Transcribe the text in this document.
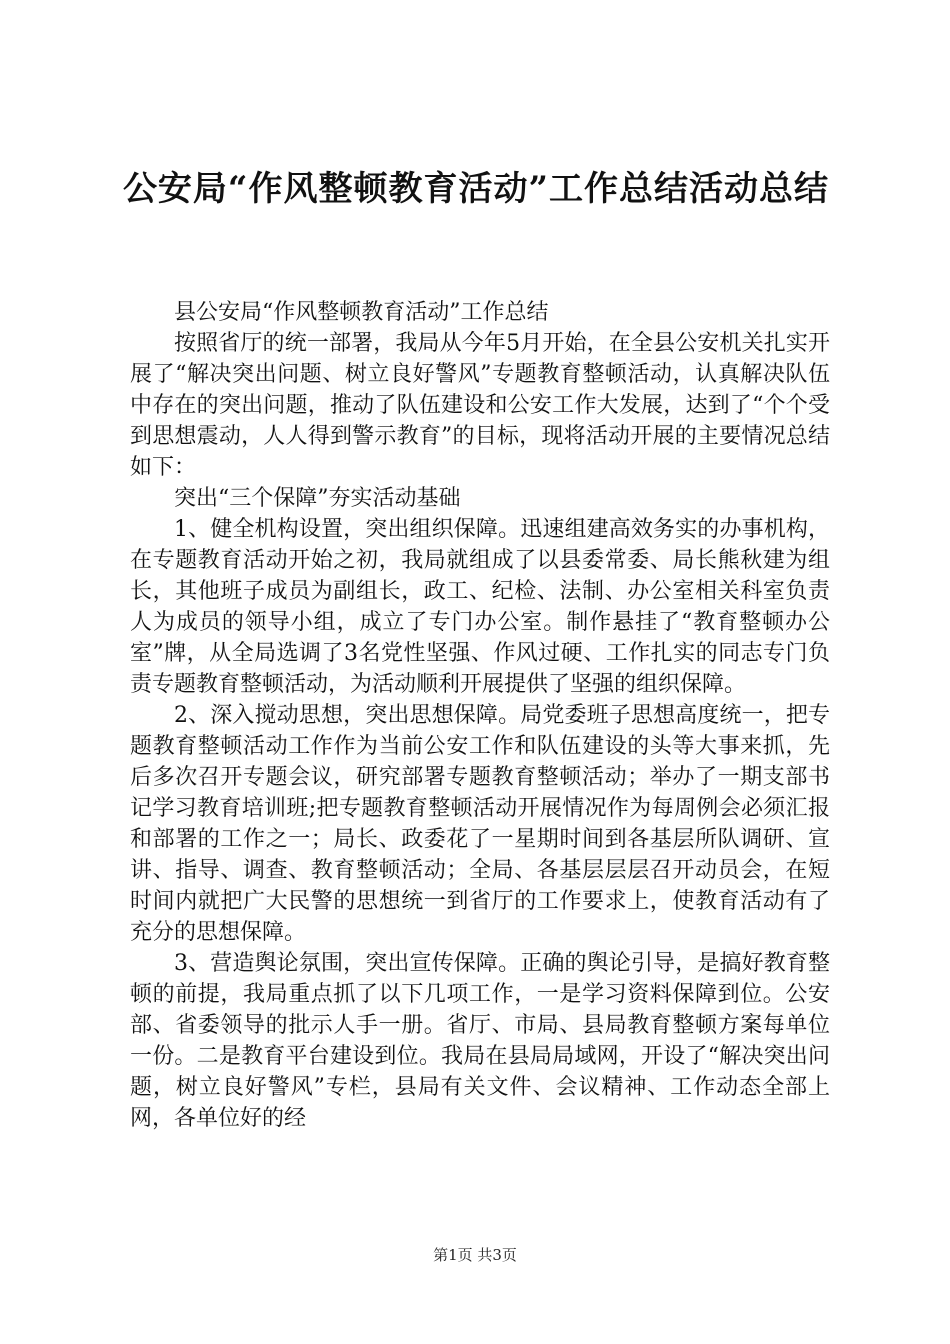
公安局“作风整顿教育活动”工作总结活动总结

县公安局“作风整顿教育活动”工作总结

按照省厅的统一部署，我局从今年5月开始，在全县公安机关扎实开展了“解决突出问题、树立良好警风”专题教育整顿活动，认真解决队伍中存在的突出问题，推动了队伍建设和公安工作大发展，达到了“个个受到思想震动，人人得到警示教育”的目标，现将活动开展的主要情况总结如下：

突出“三个保障”夯实活动基础

1、健全机构设置，突出组织保障。迅速组建高效务实的办事机构，在专题教育活动开始之初，我局就组成了以县委常委、局长熊秋建为组长，其他班子成员为副组长，政工、纪检、法制、办公室相关科室负责人为成员的领导小组，成立了专门办公室。制作悬挂了“教育整顿办公室”牌，从全局选调了3名党性坚强、作风过硬、工作扎实的同志专门负责专题教育整顿活动，为活动顺利开展提供了坚强的组织保障。

2、深入搅动思想，突出思想保障。局党委班子思想高度统一，把专题教育整顿活动工作作为当前公安工作和队伍建设的头等大事来抓，先后多次召开专题会议，研究部署专题教育整顿活动；举办了一期支部书记学习教育培训班;把专题教育整顿活动开展情况作为每周例会必须汇报和部署的工作之一；局长、政委花了一星期时间到各基层所队调研、宣讲、指导、调查、教育整顿活动；全局、各基层层层召开动员会，在短时间内就把广大民警的思想统一到省厅的工作要求上，使教育活动有了充分的思想保障。

3、营造舆论氛围，突出宣传保障。正确的舆论引导，是搞好教育整顿的前提，我局重点抓了以下几项工作，一是学习资料保障到位。公安部、省委领导的批示人手一册。省厅、市局、县局教育整顿方案每单位一份。二是教育平台建设到位。我局在县局局域网，开设了“解决突出问题，树立良好警风”专栏，县局有关文件、会议精神、工作动态全部上网，各单位好的经

第1页 共3页
